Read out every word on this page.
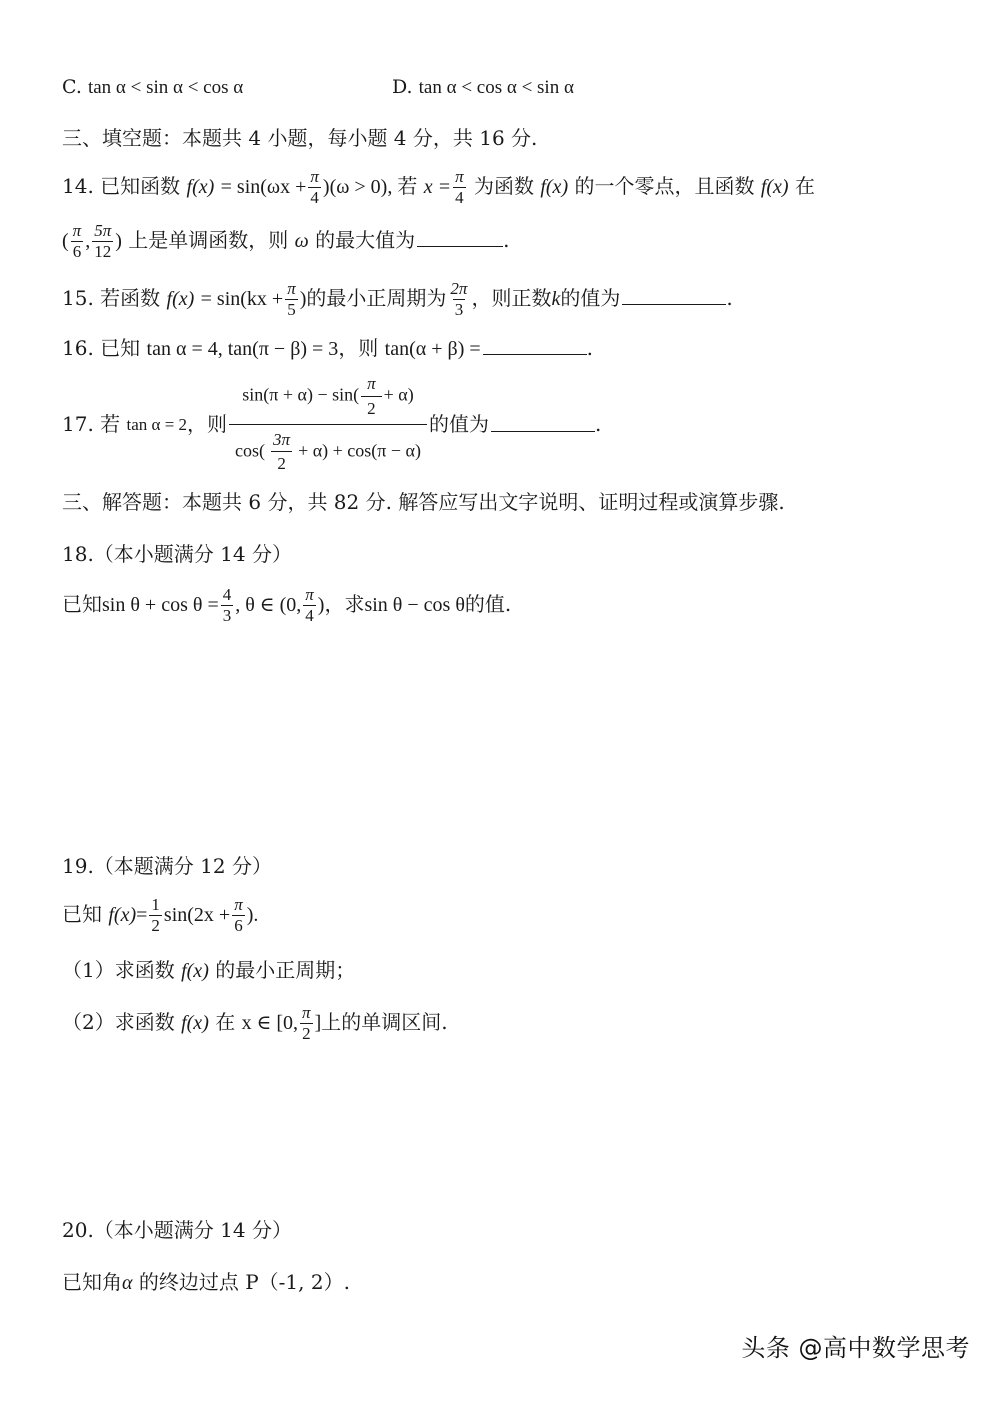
C. tan α < sin α < cos α	D. tan α < cos α < sin α
三、填空题：本题共 4 小题，每小题 4 分，共 16 分.
14. 已知函数 $f(x) = \sin(\omega x + \frac{\pi}{4} )(\omega > 0)$, 若 $x = \frac{\pi}{4}$ 为函数 f(x) 的一个零点，且函数 f(x) 在
( $\frac{\pi}{6}$ , $\frac{5\pi}{12}$ ) 上是单调函数，则 ω 的最大值为	.
15. 若函数 $f(x) = \sin(kx + \frac{\pi}{5}$ )的最小正周期为 $\frac{2\pi}{3}$ ，则正数k的值为	.
16. 已知 tan α = 4, tan(π − β) = 3，则 tan(α + β) =	.
17.
若
tan α = 2 ，则 $\frac{\sin(\pi + \alpha) - \sin( \frac{\pi}{2} + \alpha)}{\cos( \frac{3\pi}{2} + \alpha) + \cos(\pi - \alpha)}$ 的值为	.
三、解答题：本题共 6 分，共 82 分. 解答应写出文字说明、证明过程或演算步骤.
18.（本小题满分 14 分）
已知$\sin \theta + \cos \theta = \frac{4}{3}$ , θ ∈ (0, $\frac{\pi}{4}$ )，求sin θ − cos θ的值.
19.（本题满分 12 分）
已知 $f(x)= \frac{1}{2} \sin(2x + \frac{\pi}{6}$ ).
（1）求函数 f(x) 的最小正周期；
（2）求函数 f(x) 在 x ∈ [0, $\frac{\pi}{2}$ ]上的单调区间.
20.（本小题满分 14 分）
已知角α 的终边过点 P（-1, 2）.
头条 @高中数学思考
